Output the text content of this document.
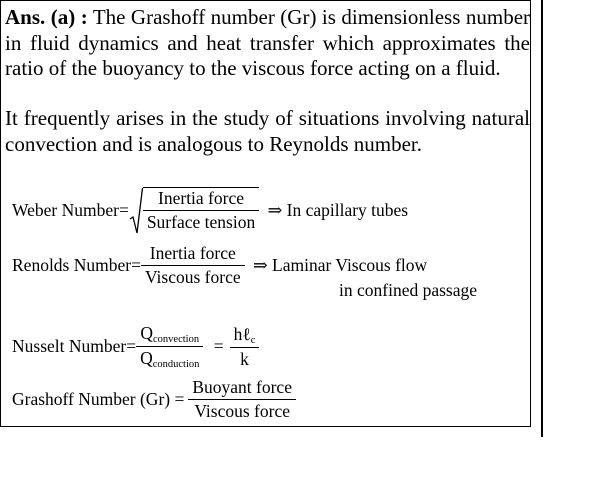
Ans. (a) : The Grashoff number (Gr) is dimensionless number in fluid dynamics and heat transfer which approximates the ratio of the buoyancy to the viscous force acting on a fluid.
It frequently arises in the study of situations involving natural convection and is analogous to Reynolds number.
Weber Number= $\frac{\text{Inertia force}}{\text{Surface tension}}$ ⇒ In capillary tubes
Renolds Number= $\frac{\text{Inertia force}}{\text{Viscous force}}$ ⇒ Laminar Viscous flow
in confined passage
Nusselt Number= $\frac{Q_{convection}}{Q_{conduction}} = \frac{h\ell_c}{k}$
Grashoff Number $(Gr) = \frac{\text{Buoyant force}}{\text{Viscous force}}$
